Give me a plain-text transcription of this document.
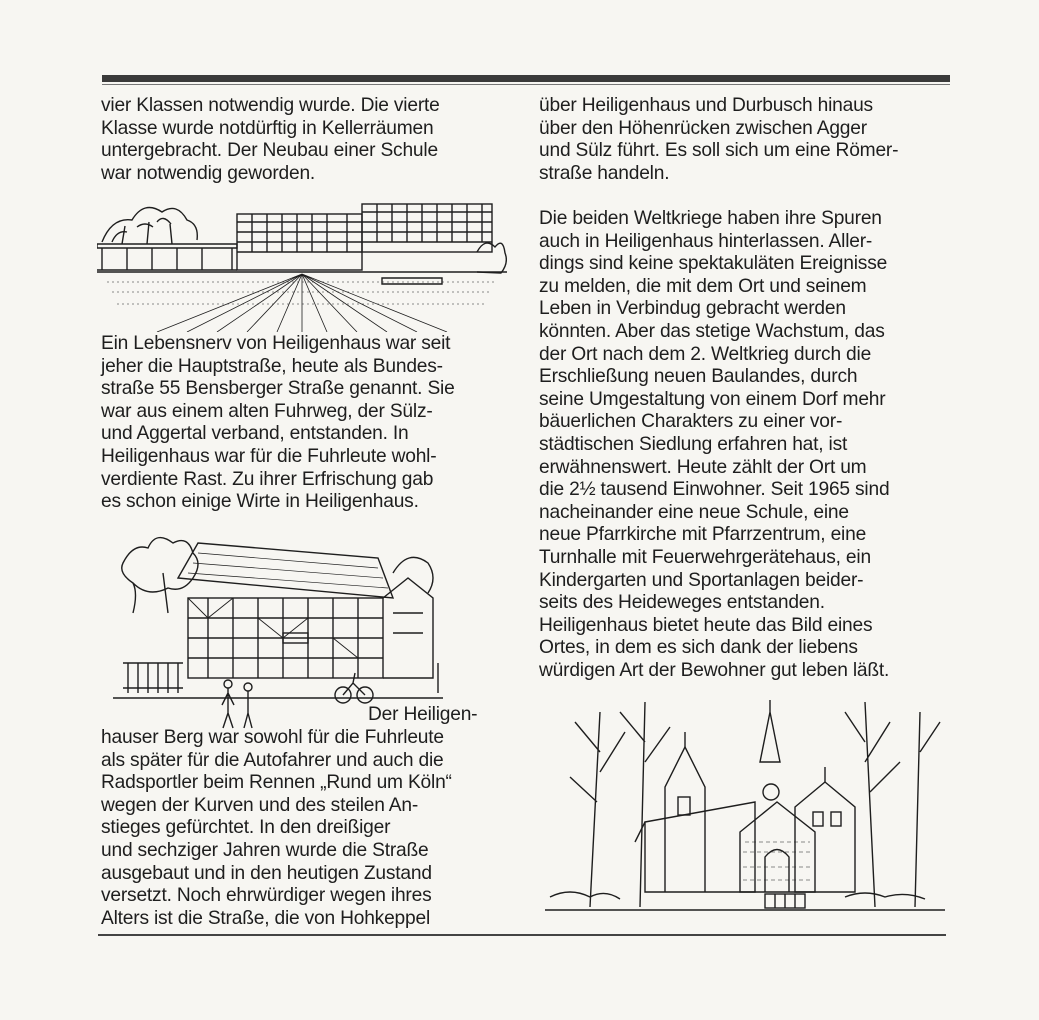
vier Klassen notwendig wurde. Die vierte
Klasse wurde notdürftig in Kellerräumen
untergebracht. Der Neubau einer Schule
war notwendig geworden.

Ein Lebensnerv von Heiligenhaus war seit
jeher die Hauptstraße, heute als Bundes-
straße 55 Bensberger Straße genannt. Sie
war aus einem alten Fuhrweg, der Sülz-
und Aggertal verband, entstanden. In
Heiligenhaus war für die Fuhrleute wohl-
verdiente Rast. Zu ihrer Erfrischung gab
es schon einige Wirte in Heiligenhaus.

Der Heiligen-

hauser Berg war sowohl für die Fuhrleute
als später für die Autofahrer und auch die
Radsportler beim Rennen „Rund um Köln“
wegen der Kurven und des steilen An-
stieges gefürchtet. In den dreißiger
und sechziger Jahren wurde die Straße
ausgebaut und in den heutigen Zustand
versetzt. Noch ehrwürdiger wegen ihres
Alters ist die Straße, die von Hohkeppel

über Heiligenhaus und Durbusch hinaus
über den Höhenrücken zwischen Agger
und Sülz führt. Es soll sich um eine Römer-
straße handeln.

Die beiden Weltkriege haben ihre Spuren
auch in Heiligenhaus hinterlassen. Aller-
dings sind keine spektakuläten Ereignisse
zu melden, die mit dem Ort und seinem
Leben in Verbindug gebracht werden
könnten. Aber das stetige Wachstum, das
der Ort nach dem 2. Weltkrieg durch die
Erschließung neuen Baulandes, durch
seine Umgestaltung von einem Dorf mehr
bäuerlichen Charakters zu einer vor-
städtischen Siedlung erfahren hat, ist
erwähnenswert. Heute zählt der Ort um
die 2½ tausend Einwohner. Seit 1965 sind
nacheinander eine neue Schule, eine
neue Pfarrkirche mit Pfarrzentrum, eine
Turnhalle mit Feuerwehrgerätehaus, ein
Kindergarten und Sportanlagen beider-
seits des Heideweges entstanden.
Heiligenhaus bietet heute das Bild eines
Ortes, in dem es sich dank der liebens
würdigen Art der Bewohner gut leben läßt.
